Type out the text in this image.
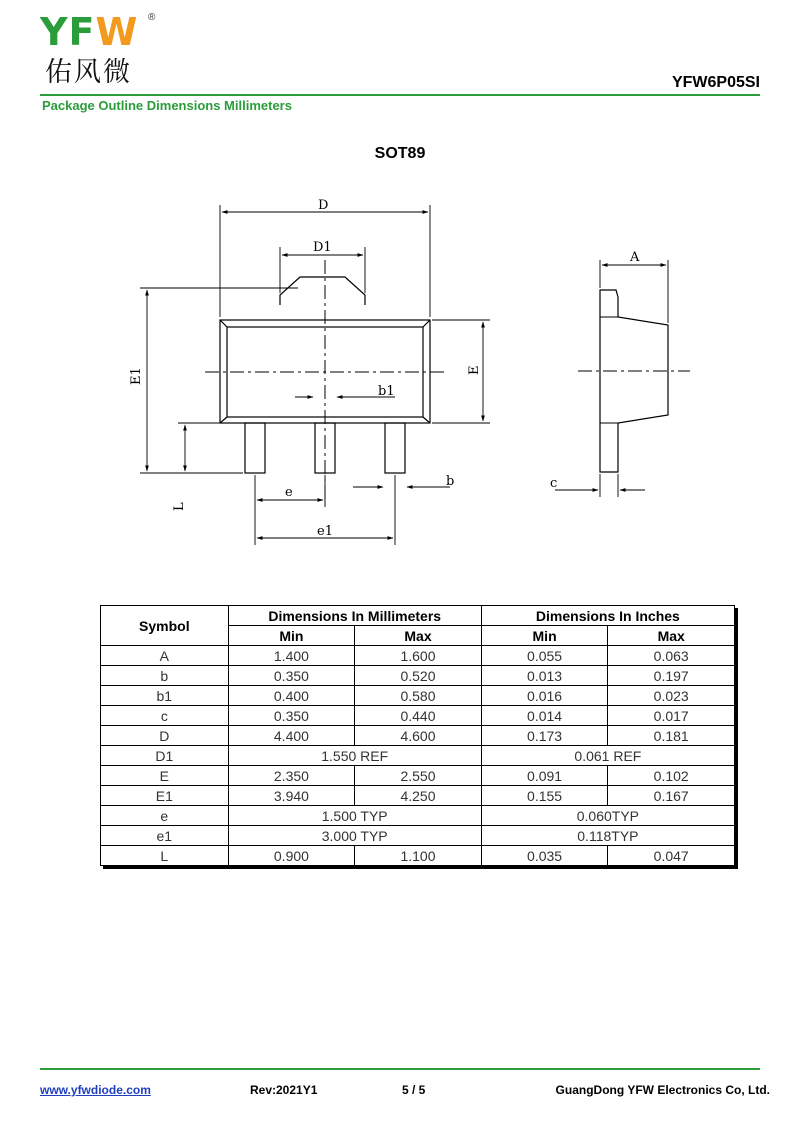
YFW ®
佑风微	YFW6P05SI
Package Outline Dimensions Millimeters
SOT89
D
D1
E1	E
b1
L
e
e1
b
A
c
Symbol	Dimensions In Millimeters		Dimensions In Inches	
	Min	Max	Min	Max
A	1.400	1.600	0.055	0.063
b	0.350	0.520	0.013	0.197
b1	0.400	0.580	0.016	0.023
c	0.350	0.440	0.014	0.017
D	4.400	4.600	0.173	0.181
D1	1.550 REF		0.061 REF	
E	2.350	2.550	0.091	0.102
E1	3.940	4.250	0.155	0.167
e	1.500 TYP		0.060TYP	
e1	3.000 TYP		0.118TYP	
L	0.900	1.100	0.035	0.047
www.yfwdiode.com	Rev:2021Y1	5 / 5	GuangDong YFW Electronics Co, Ltd.
